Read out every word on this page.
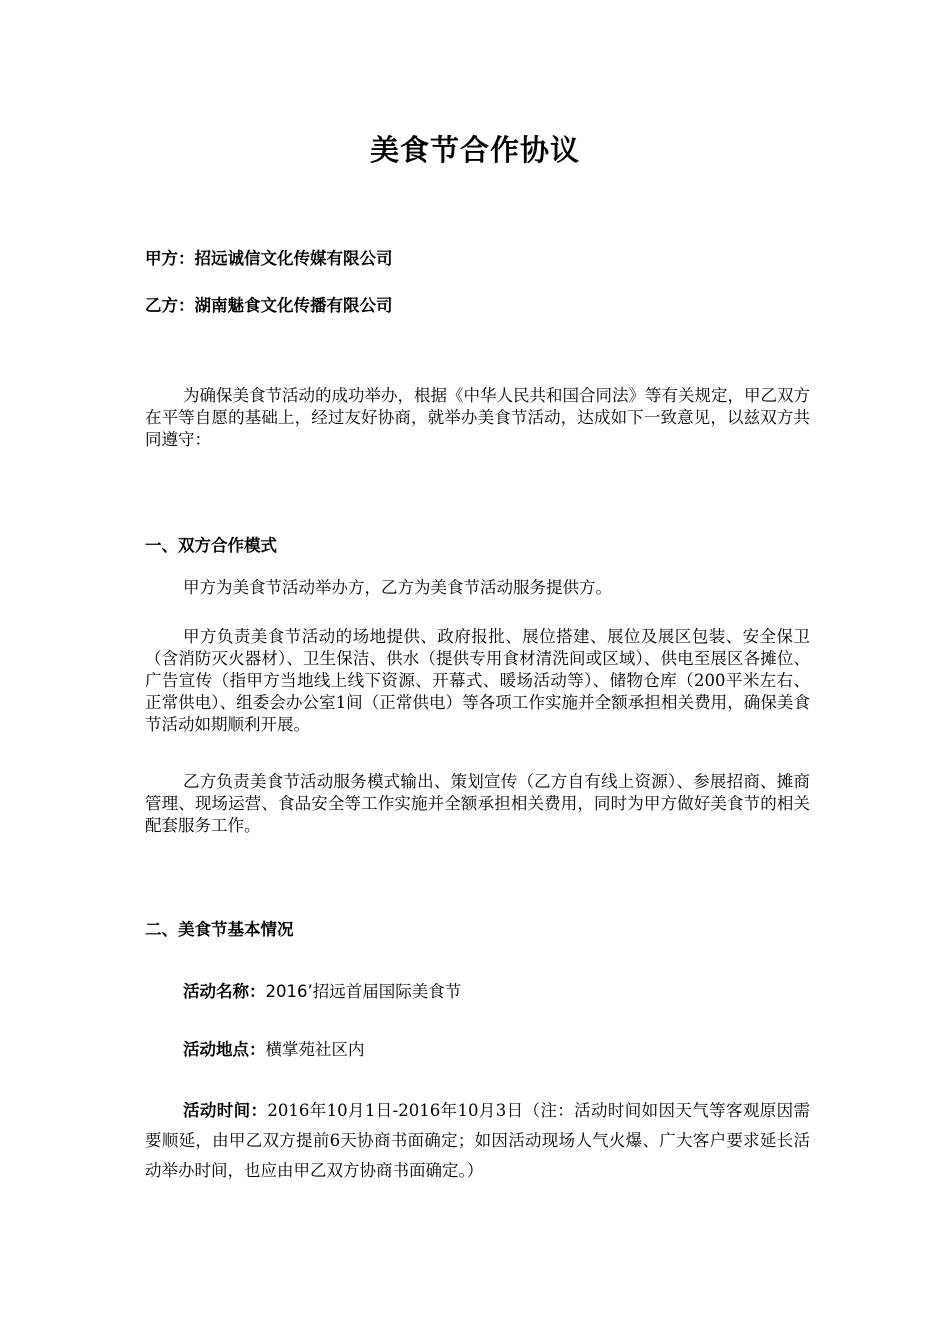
美食节合作协议
甲方：招远诚信文化传媒有限公司
乙方：湖南魅食文化传播有限公司

为确保美食节活动的成功举办，根据《中华人民共和国合同法》等有关规定，甲乙双方在平等自愿的基础上，经过友好协商，就举办美食节活动，达成如下一致意见，以兹双方共同遵守：

一、双方合作模式

甲方为美食节活动举办方，乙方为美食节活动服务提供方。

甲方负责美食节活动的场地提供、政府报批、展位搭建、展位及展区包装、安全保卫（含消防灭火器材）、卫生保洁、供水（提供专用食材清洗间或区域）、供电至展区各摊位、广告宣传（指甲方当地线上线下资源、开幕式、暖场活动等）、储物仓库（200平米左右、正常供电）、组委会办公室1间（正常供电）等各项工作实施并全额承担相关费用，确保美食节活动如期顺利开展。

乙方负责美食节活动服务模式输出、策划宣传（乙方自有线上资源）、参展招商、摊商管理、现场运营、食品安全等工作实施并全额承担相关费用，同时为甲方做好美食节的相关配套服务工作。

二、美食节基本情况
活动名称：2016’招远首届国际美食节
活动地点：横掌苑社区内

活动时间：2016年10月1日-2016年10月3日（注：活动时间如因天气等客观原因需要顺延，由甲乙双方提前6天协商书面确定；如因活动现场人气火爆、广大客户要求延长活动举办时间，也应由甲乙双方协商书面确定。）
